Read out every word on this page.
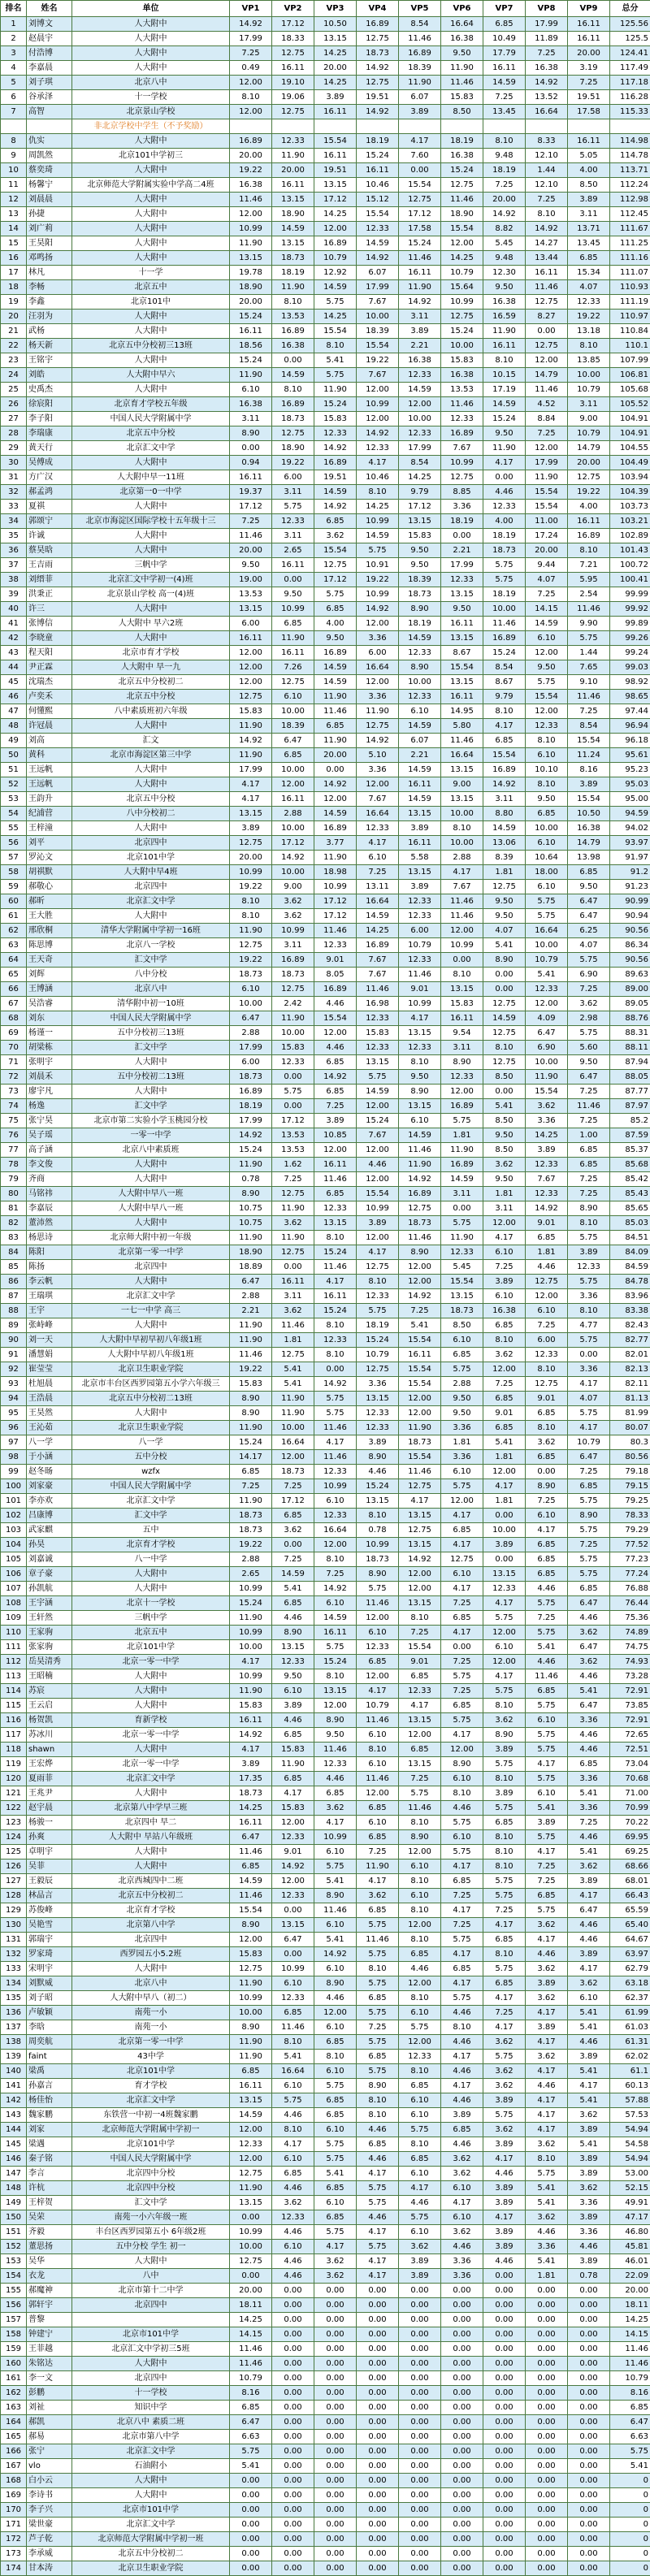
排名	姓名	单位	VP1	VP2	VP3	VP4	VP5	VP6	VP7	VP8	VP9	总分
1	刘博文	人大附中	14.92	17.12	10.50	16.89	8.54	16.64	6.85	17.99	16.11	125.56
2	赵晨宇	人大附中	17.99	18.33	13.15	12.75	11.46	16.38	10.49	11.89	16.11	125.5
3	付浩博	人大附中	7.25	12.75	14.25	18.73	16.89	9.50	17.79	7.25	20.00	124.41
4	李嘉晨	人大附中	0.49	16.11	20.00	14.92	18.39	11.90	16.11	16.38	3.19	117.49
5	刘子琪	北京八中	12.00	19.10	14.25	12.75	11.90	11.46	14.59	14.92	7.25	117.18
6	谷承泽	十一学校	8.10	19.06	3.89	19.51	6.07	15.83	7.25	13.52	19.51	116.28
7	高智	北京景山学校	12.00	12.75	16.11	14.92	3.89	8.50	13.45	16.64	17.58	115.33
		非北京学校中学生（不予奖励）										
8	仇实	人大附中	16.89	12.33	15.54	18.19	4.17	18.19	8.10	8.33	16.11	114.98
9	周凯然	北京101中学初三	20.00	11.90	16.11	15.24	7.60	16.38	9.48	12.10	5.05	114.78
10	蔡奕琦	人大附中	19.22	20.00	19.51	16.11	0.00	15.24	18.19	1.44	4.00	113.71
11	杨馨宁	北京师范大学附属实验中学高二4班	16.38	16.11	13.15	10.46	15.54	12.75	7.25	12.10	8.50	112.24
12	刘晨晨	人大附中	11.46	13.15	17.12	15.12	12.75	11.46	20.00	7.25	3.89	112.98
13	孙捷	人大附中	12.00	18.90	14.25	15.54	17.12	18.90	14.92	8.10	3.11	112.45
14	刘广莉	人大附中	10.99	14.59	12.00	12.33	17.58	15.54	8.82	14.92	13.71	111.67
15	王昊阳	人大附中	11.90	13.15	16.89	14.59	15.24	12.00	5.45	14.27	13.45	111.25
16	邓鸣扬	人大附中	13.15	18.73	10.79	14.92	11.46	14.25	9.48	13.44	6.85	111.16
17	林凡	十一学	19.78	18.19	12.92	6.07	16.11	10.79	12.30	16.11	15.34	111.07
18	李畅	北京五中	18.90	11.90	14.59	17.99	11.90	15.64	9.50	11.46	4.07	110.93
19	李鑫	北京101中	20.00	8.10	5.75	7.67	14.92	10.99	16.38	12.75	12.33	111.19
20	汪羽为	人大附中	15.24	13.53	14.25	10.00	3.11	12.75	16.59	8.27	19.22	110.97
21	武杨	人大附中	16.11	16.89	15.54	18.39	3.89	15.24	11.90	0.00	13.18	110.84
22	杨天新	北京五中分校初三13班	18.56	16.38	8.10	15.54	2.21	10.00	16.11	12.75	8.10	110.1
23	王铭宇	人大附中	15.24	0.00	5.41	19.22	16.38	15.83	8.10	12.00	13.85	107.99
24	刘皓	人大附中早六	11.90	14.59	5.75	7.67	12.33	16.38	10.15	14.79	10.00	106.81
25	史禹杰	人大附中	6.10	8.10	11.90	12.00	14.59	13.53	17.19	11.46	10.79	105.68
26	徐宸阳	北京育才学校五年级	16.38	16.89	15.24	10.99	12.00	11.46	14.59	4.52	3.11	105.52
27	李子阳	中国人民大学附属中学	3.11	18.73	15.83	12.00	10.00	12.33	15.24	8.84	9.00	104.91
28	李瑞康	北京五中分校	8.90	12.75	12.33	14.92	12.33	16.89	9.50	7.25	10.79	104.91
29	黄天行	北京汇文中学	0.00	18.90	14.92	12.33	17.99	7.67	11.90	12.00	14.79	104.55
30	吴傅成	人大附中	0.94	19.22	16.89	4.17	8.54	10.99	4.17	17.99	20.00	104.49
31	方广汉	人大附中早一11班	16.11	6.00	19.51	10.46	14.25	12.75	0.00	11.90	12.75	103.94
32	郝孟鸿	北京第一0一中学	19.37	3.11	14.59	8.10	9.79	8.85	4.46	15.54	19.22	104.39
33	夏祺	人大附中	17.12	5.75	14.92	14.25	17.12	3.36	12.33	15.54	4.00	103.73
34	郭颂宁	北京市海淀区国际学校十五年级十三	7.25	12.33	6.85	10.99	13.15	18.19	4.00	11.00	16.11	103.21
35	许诚	人大附中	11.46	3.11	3.62	14.59	15.83	0.00	18.19	17.24	16.89	102.89
36	蔡昊晗	人大附中	20.00	2.65	15.54	5.75	9.50	2.21	18.73	20.00	8.10	101.43
37	王吉雨	三帆中学	9.50	16.11	12.75	10.91	9.50	17.99	5.75	9.44	7.21	100.72
38	刘缙菲	北京汇文中学初一(4)班	19.00	0.00	17.12	19.22	18.39	12.33	5.75	4.07	5.95	100.41
39	洪秉正	北京景山学校 高一(4)班	13.53	9.50	5.75	10.99	18.73	13.15	18.19	7.25	2.54	99.99
40	许三	人大附中	13.15	10.99	6.85	14.92	8.90	9.50	10.00	14.15	11.46	99.92
41	张博信	人大附中 早六2班	6.00	6.85	4.00	12.00	18.19	16.11	11.46	14.59	9.90	99.89
42	李晓童	人大附中	16.11	11.90	9.50	3.36	14.59	13.15	16.89	6.10	5.75	99.26
43	程天阳	北京市育才学校	12.00	16.11	16.89	6.00	12.33	8.67	15.24	12.00	1.44	99.24
44	尹正霖	人大附中 早一九	12.00	7.26	14.59	16.64	8.90	15.54	8.54	9.50	7.65	99.03
45	沈瑞杰	北京五中分校初二	12.00	12.75	14.59	12.00	10.00	13.15	8.67	5.75	9.10	98.92
46	卢奕禾	北京五中分校	12.75	6.10	11.90	3.36	12.33	16.11	9.79	15.54	11.46	98.65
47	何懂熙	八中素质班初六年级	15.83	10.00	11.46	11.90	6.10	14.95	8.10	12.00	7.25	97.44
48	许冠晨	人大附中	11.90	18.39	6.85	12.75	14.59	5.80	4.17	12.33	8.54	96.94
49	刘高	汇文	14.92	6.47	11.90	14.92	6.07	11.46	6.85	8.10	15.54	96.18
50	黄科	北京市海淀区第三中学	11.90	6.85	20.00	5.10	2.21	16.64	15.54	6.10	11.24	95.61
51	王远帆	人大附中	17.99	10.00	0.00	3.36	14.59	13.15	16.89	10.10	8.16	95.23
52	王远帆	人大附中	4.17	12.00	14.92	12.00	16.11	9.00	14.92	8.10	3.89	95.03
53	王韵升	北京五中分校	4.17	16.11	12.00	7.67	14.59	13.15	3.11	9.50	15.54	95.00
54	纪浦营	八中分校初二	13.15	2.88	14.59	16.64	13.15	10.00	8.80	6.85	10.50	94.59
55	王梓潼	人大附中	3.89	10.00	16.89	12.33	3.89	8.10	14.59	10.00	16.38	94.02
56	刘平	北京四中	12.75	17.12	3.77	4.17	16.11	10.00	13.06	6.10	14.79	93.97
57	罗沁文	北京101中学	20.00	14.92	11.90	6.10	5.58	2.88	8.39	10.64	13.98	91.97
58	胡祺默	人大附中早4班	10.99	10.00	18.98	7.25	13.15	4.17	1.81	18.00	6.85	91.2
59	郝敬心	北京四中	19.22	9.00	10.99	13.11	3.89	7.67	12.75	6.10	9.50	91.23
60	郝昕	北京汇文中学	8.10	3.62	17.12	16.64	12.33	11.46	9.50	5.75	6.47	90.99
61	王大胜	人大附中	8.10	3.62	17.12	14.59	12.33	11.46	9.50	5.75	6.47	90.94
62	邢欣桐	清华大学附属中学初一16班	11.90	10.99	11.46	14.25	6.00	12.00	4.07	16.64	6.25	90.56
63	陈思博	北京八一学校	12.75	3.11	12.33	16.89	10.79	10.99	5.41	10.00	4.07	86.34
64	王天奇	汇文中学	19.22	16.89	9.01	7.67	12.33	0.00	8.90	10.79	5.75	90.56
65	刘辉	八中分校	18.73	18.73	8.05	7.67	11.46	8.10	0.00	5.41	6.90	89.63
66	王博涵	北京八中	6.10	12.75	16.89	11.46	9.01	13.15	0.00	12.33	7.25	89.00
67	吴浩睿	清华附中初一10班	10.00	2.42	4.46	16.98	10.99	15.83	12.75	12.00	3.62	89.05
68	刘东	中国人民大学附属中学	6.47	11.90	15.54	12.33	4.17	16.11	14.59	4.09	2.98	88.76
69	杨谨一	五中分校初三13班	2.88	10.00	12.00	15.83	13.15	9.54	12.75	6.47	5.75	88.31
70	胡梁栋	汇文中学	17.99	15.83	4.46	12.33	12.33	3.11	8.10	6.90	5.60	88.11
71	张明宇	人大附中	6.00	12.33	6.85	13.15	8.10	8.90	12.75	10.00	9.50	87.94
72	刘晨禾	五中分校初二13班	18.73	0.00	14.92	5.75	9.50	12.33	8.50	11.90	6.47	88.05
73	廖宇凡	人大附中	16.89	5.75	6.85	14.59	8.90	12.00	0.00	15.54	7.25	87.77
74	杨逸	汇文中学	18.19	0.00	7.25	12.00	13.15	16.89	5.41	3.62	11.46	87.97
75	张宁昊	北京市第二实验小学玉桃园分校	17.99	17.12	3.89	15.24	6.10	5.75	8.50	3.36	7.25	85.2
76	吴子瑶	一零一中学	14.92	13.53	10.85	7.67	14.59	1.81	9.50	14.25	1.00	87.59
77	高子涵	北京八中素质班	15.24	13.53	12.00	12.00	11.46	11.90	8.50	3.89	6.85	85.37
78	李文俊	人大附中	11.90	1.62	16.11	4.46	11.90	16.89	3.62	12.33	6.85	85.68
79	齐商	人大附中	0.78	7.25	11.46	12.00	14.92	14.59	9.50	7.67	7.25	85.42
80	马铭祎	人大附中早八一班	8.90	12.75	6.85	15.54	16.89	3.11	1.81	12.33	7.25	85.43
81	李嘉辰	人大附中早八一班	10.75	11.90	12.33	10.99	12.75	0.00	3.11	14.92	8.90	85.65
82	董沛然	人大附中	10.75	3.62	13.15	3.89	18.73	5.75	12.00	9.01	8.10	85.03
83	杨思诗	北京师大附中初一年级	11.90	11.90	8.10	12.00	11.46	11.90	4.17	6.85	5.75	84.51
84	陈阳	北京第一零一中学	18.90	12.75	15.24	4.17	8.90	12.33	6.10	1.81	3.89	84.09
85	陈扬	北京四中	18.89	0.00	11.46	12.75	12.00	5.45	7.25	4.46	12.33	84.59
86	李云帆	人大附中	6.47	16.11	4.17	8.10	12.00	15.54	3.89	12.75	5.75	84.78
87	王瑞琪	北京汇文中学	2.88	3.11	16.11	12.33	14.92	13.15	6.10	12.00	3.36	83.96
88	王宇	一七一中学 高三	2.21	3.62	15.24	5.75	7.25	18.73	16.38	6.10	8.10	83.38
89	张峙峰	人大附中	11.90	11.46	8.10	18.19	5.41	8.50	6.85	7.25	4.77	82.43
90	刘一天	人大附中早初早初八年级1班	11.90	1.81	12.33	15.24	15.54	6.10	8.10	6.00	5.75	82.77
91	潘慧娟	人大附中早初八年级1班	11.46	12.75	8.10	10.79	16.11	6.85	3.62	12.33	0.00	82.01
92	崔莹莹	北京卫生职业学院	19.22	5.41	0.00	12.75	15.54	5.75	12.00	8.10	3.36	82.13
93	杜旭晨	北京市丰台区西罗园第五小学六年级三	15.83	5.41	14.92	3.36	15.54	2.88	7.25	12.75	4.17	82.11
94	王浩晨	北京五中分校初二13班	8.90	11.90	5.75	13.15	12.00	9.50	6.85	9.01	4.07	81.13
95	王昊然	人大附中	8.90	11.90	5.75	12.33	12.00	9.50	9.01	6.85	5.75	81.99
96	王沁茹	北京卫生职业学院	11.90	10.00	11.46	12.33	11.90	3.36	6.85	8.10	4.17	80.07
97	八一学	八一学	15.24	16.64	4.17	3.89	18.73	1.81	5.41	3.62	10.79	80.3
98	于小涵	五中分校	14.17	12.00	11.46	8.90	15.54	3.36	1.81	6.85	6.47	80.56
99	赵冬旸	wzfx	6.85	18.73	12.33	4.46	11.46	6.10	12.00	0.00	7.25	79.18
100	刘家豪	中国人民大学附属中学	7.25	7.25	10.99	15.24	12.75	5.75	4.17	8.90	6.85	79.15
101	李亦欢	北京汇文中学	11.90	17.12	6.10	13.15	4.17	12.00	1.81	7.25	5.75	79.25
102	吕康博	汇文中学	18.73	6.85	12.33	8.10	13.15	4.17	0.00	6.10	8.90	78.33
103	武家麒	五中	18.73	3.62	16.64	0.78	12.75	6.85	10.00	4.17	5.75	79.29
104	孙昊	北京育才学校	19.22	0.00	12.00	10.99	13.15	4.17	3.89	6.85	7.25	77.52
105	刘嘉诚	八一中学	2.88	7.25	8.10	18.73	14.92	12.75	0.00	6.85	5.75	77.23
106	章子豪	人大附中	2.65	14.59	7.25	8.90	12.00	6.10	13.15	6.85	5.75	77.24
107	孙凯航	人大附中	10.99	5.41	14.92	5.75	12.00	4.17	12.33	4.46	6.85	76.88
108	王宇涵	北京十一学校	15.24	6.85	6.10	11.46	13.15	7.25	4.17	5.75	6.47	76.44
109	王轩然	三帆中学	11.90	4.46	14.59	12.00	8.10	6.85	5.75	7.25	4.46	75.36
110	王家驹	北京五中	10.99	8.90	16.11	6.10	7.25	4.17	12.00	5.75	3.62	74.89
111	张家驹	北京101中学	10.00	13.15	5.75	12.33	15.54	0.00	6.10	5.41	6.47	74.75
112	岳昊清秀	北京一零一中学	4.17	12.33	15.24	6.85	9.01	7.25	12.00	4.46	3.62	74.93
113	王昭楠	人大附中	10.99	9.50	8.10	12.00	6.85	5.75	4.17	11.46	4.46	73.28
114	苏宸	人大附中	11.90	6.10	13.15	4.17	12.33	7.25	5.75	6.85	5.41	72.91
115	王云启	人大附中	15.83	3.89	12.00	10.79	4.17	6.85	8.10	5.75	6.47	73.85
116	杨贺凯	育新学校	16.11	4.46	8.90	11.46	13.15	5.75	3.62	6.10	3.36	72.91
117	苏冰川	北京一零一中学	14.92	6.85	9.50	6.10	12.00	4.17	8.90	5.75	4.46	72.65
118	shawn	人大附中	4.17	15.83	11.46	8.10	6.85	12.00	3.89	5.75	4.46	72.51
119	王宏烨	北京一零一中学	3.89	11.90	12.33	6.10	13.15	8.90	5.75	4.17	6.85	73.04
120	夏雨菲	北京汇文中学	17.35	6.85	4.46	11.46	7.25	6.10	8.10	5.75	3.36	70.68
121	王兆尹	人大附中	18.73	4.17	6.85	12.00	5.75	8.10	3.89	6.10	5.41	71.00
122	赵宇晨	北京第八中学早三班	14.25	15.83	3.62	6.85	11.46	4.46	5.75	5.41	3.36	70.99
123	杨骏一	北京四中 早二	16.11	12.00	4.17	6.10	8.10	5.75	6.85	3.89	7.25	70.22
124	孙爽	人大附中 早站八年级班	6.47	12.33	10.99	6.85	8.90	6.10	8.10	5.75	4.46	69.95
125	卓明宇	人大附中	11.46	9.01	6.10	7.25	12.00	5.75	8.10	4.17	5.41	69.25
126	吴菲	人大附中	6.85	14.92	5.75	11.90	6.10	4.17	8.10	7.25	3.62	68.66
127	王毅辰	北京西城四中二班	14.59	12.00	5.41	4.17	8.10	6.85	5.75	7.25	3.89	68.01
128	林品言	北京五中分校初二	11.46	12.33	8.90	3.62	6.10	7.25	5.75	6.85	4.17	66.43
129	苏俊峰	北京育才学校	15.54	0.00	11.46	6.85	8.10	4.17	7.25	5.75	6.47	65.59
130	吴艳雪	北京第八中学	8.90	13.15	6.10	5.75	12.00	7.25	4.17	3.62	4.46	65.40
131	郭瑞宇	北京四中	12.00	6.47	5.41	11.46	8.10	5.75	6.85	4.17	4.46	64.67
132	罗家琦	西罗园五小5.2班	15.83	0.00	14.92	5.75	6.85	4.17	8.10	4.46	3.89	63.97
133	宋明宇	人大附中	12.75	10.99	6.10	8.10	4.46	6.85	5.75	3.62	4.17	62.79
134	刘默威	北京八中	11.90	6.10	8.90	5.75	12.00	4.17	6.85	3.89	3.62	63.18
135	刘子昭	人大附中早八（初二）	10.99	12.33	4.46	6.85	8.10	5.75	4.17	3.62	6.10	62.37
136	卢敏颖	南苑一小	10.00	6.85	12.00	5.75	6.10	4.46	7.25	4.17	5.41	61.99
137	李晗	南苑一小	8.90	11.46	6.10	7.25	5.75	8.10	4.17	3.89	5.41	61.03
138	周奕航	北京第一零一中学	11.90	8.10	6.85	5.75	12.00	4.46	3.62	4.17	4.46	61.31
139	faint	43中学	11.90	5.41	8.10	6.85	12.33	4.17	5.75	3.62	3.89	62.02
140	梁禹	北京101中学	6.85	16.64	6.10	5.75	8.10	4.46	3.62	4.17	5.41	61.1
141	孙嘉言	育才学校	16.11	6.10	5.75	8.90	6.85	4.17	3.62	4.46	4.17	60.13
142	杨佳怡	北京汇文中学	13.15	5.75	6.85	8.10	6.10	4.46	3.89	4.17	5.41	57.88
143	魏家鹏	东铁营一中初一4班魏家鹏	14.59	4.46	6.85	8.10	6.10	3.89	5.75	4.17	3.62	57.53
144	刘家	北京师范大学附属中学初一	12.00	8.10	6.10	4.46	5.75	6.85	3.62	4.17	3.89	54.94
145	梁遇	北京101中学	12.33	4.17	5.75	6.85	8.10	4.46	3.89	3.62	5.41	54.58
146	秦子铭	中国人民大学附属中学	12.00	6.10	5.75	4.46	6.85	3.62	4.17	8.10	3.89	54.94
147	李言	北京四中分校	12.75	6.85	5.41	4.17	6.10	3.62	4.46	5.75	3.89	53.00
148	许杭	北京四中分校	11.90	4.46	6.85	5.75	4.17	6.10	3.89	5.41	3.62	52.15
149	王梓贺	汇文中学	13.15	3.62	6.10	5.75	4.46	4.17	3.89	5.41	3.36	49.91
150	吴荣	南苑一小六年级一班	0.00	12.33	6.85	4.46	5.75	6.10	4.17	3.62	3.89	47.17
151	齐毅	丰台区西罗园第五小 6年级2班	10.99	4.46	5.75	4.17	6.10	3.62	3.89	4.46	3.36	46.80
152	董思扬	五中分校 学生 初一	10.00	6.10	4.17	5.75	3.62	4.46	3.89	3.36	4.46	45.81
153	吴华	人大附中	12.75	4.46	3.62	4.17	3.89	3.36	4.46	5.41	3.89	46.01
154	衣龙	八中	0.00	4.46	3.62	4.17	3.89	3.36	0.00	1.81	0.78	22.09
155	郝魔神	北京市第十二中学	20.00	0.00	0.00	0.00	0.00	0.00	0.00	0.00	0.00	20.00
156	郭轩宇	北京四中	18.11	0.00	0.00	0.00	0.00	0.00	0.00	0.00	0.00	18.11
157	普黎		14.25	0.00	0.00	0.00	0.00	0.00	0.00	0.00	0.00	14.25
158	钟建宁	北京市101中学	14.15	0.00	0.00	0.00	0.00	0.00	0.00	0.00	0.00	14.15
159	王菲越	北京汇文中学初三5班	11.46	0.00	0.00	0.00	0.00	0.00	0.00	0.00	0.00	11.46
160	朱铭达	人大附中	11.46	0.00	0.00	0.00	0.00	0.00	0.00	0.00	0.00	11.46
161	李一文	北京四中	10.79	0.00	0.00	0.00	0.00	0.00	0.00	0.00	0.00	10.79
162	彭鹏	十一学校	8.16	0.00	0.00	0.00	0.00	0.00	0.00	0.00	0.00	8.16
163	刘祉	知识中学	6.85	0.00	0.00	0.00	0.00	0.00	0.00	0.00	0.00	6.85
164	郝凯	北京八中 素质二班	6.47	0.00	0.00	0.00	0.00	0.00	0.00	0.00	0.00	6.47
165	郝易	北京市第八中学	6.63	0.00	0.00	0.00	0.00	0.00	0.00	0.00	0.00	6.63
166	张宁	北京汇文中学	5.75	0.00	0.00	0.00	0.00	0.00	0.00	0.00	0.00	5.75
167	vlo	石油附小	5.41	0.00	0.00	0.00	0.00	0.00	0.00	0.00	0.00	5.41
168	白小云	人大附中	0.00	0.00	0.00	0.00	0.00	0.00	0.00	0.00	0.00	0
169	李诗书	人大附中	0.00	0.00	0.00	0.00	0.00	0.00	0.00	0.00	0.00	0
170	李子兴	北京市101中学	0.00	0.00	0.00	0.00	0.00	0.00	0.00	0.00	0.00	0
171	梁世豪	北京汇文中学	0.00	0.00	0.00	0.00	0.00	0.00	0.00	0.00	0.00	0
172	芦子乾	北京师范大学附属中学初一班	0.00	0.00	0.00	0.00	0.00	0.00	0.00	0.00	0.00	0
173	李承威	北京五中分校初二	0.00	0.00	0.00	0.00	0.00	0.00	0.00	0.00	0.00	0
174	甘本涛	北京卫生职业学院	0.00	0.00	0.00	0.00	0.00	0.00	0.00	0.00	0.00	0
